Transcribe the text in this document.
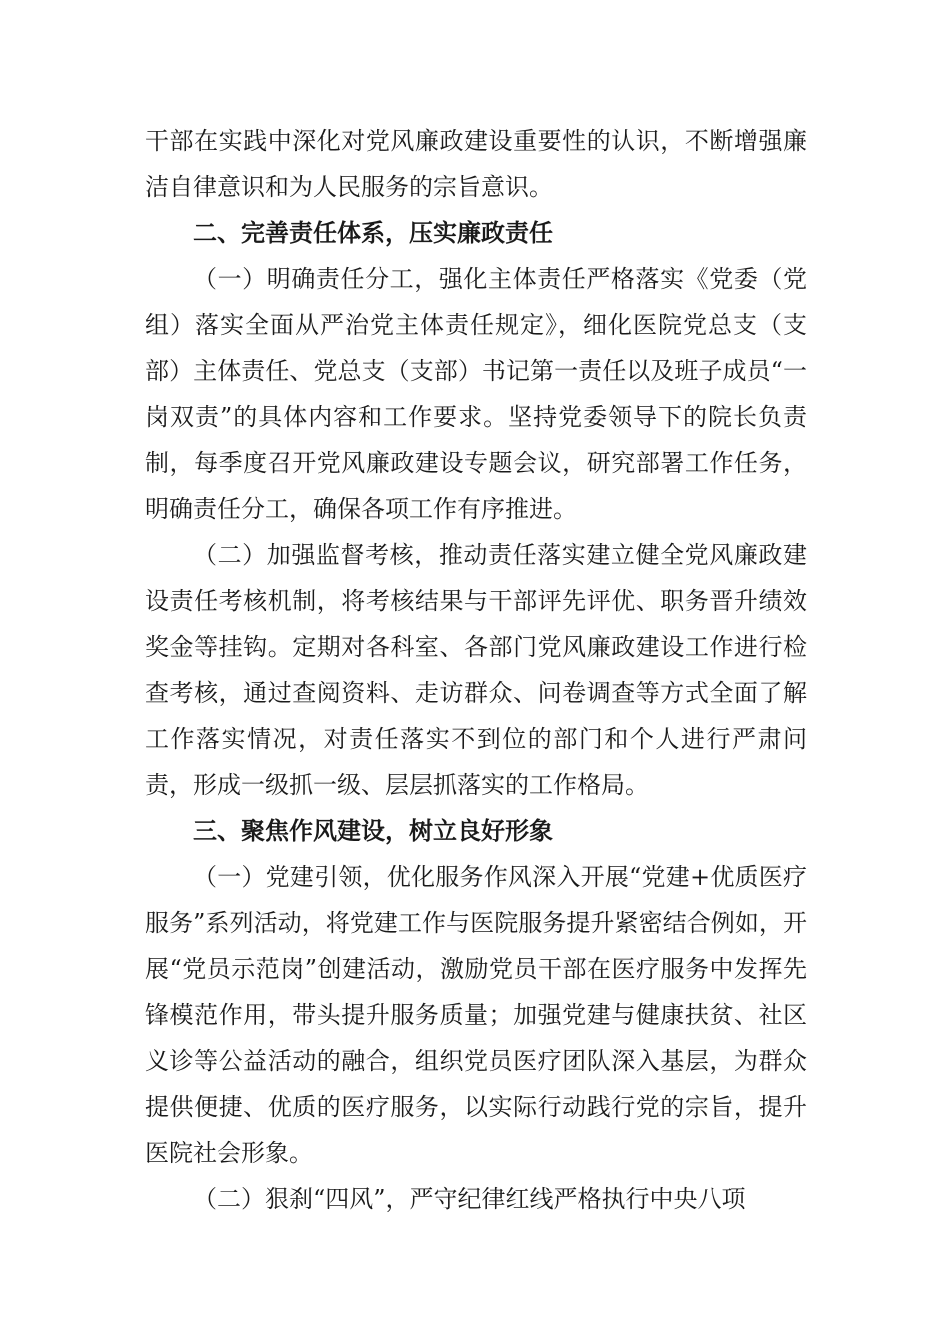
干部在实践中深化对党风廉政建设重要性的认识，不断增强廉洁自律意识和为人民服务的宗旨意识。

二、完善责任体系，压实廉政责任

（一）明确责任分工，强化主体责任严格落实《党委（党组）落实全面从严治党主体责任规定》，细化医院党总支（支部）主体责任、党总支（支部）书记第一责任以及班子成员“一岗双责”的具体内容和工作要求。坚持党委领导下的院长负责制，每季度召开党风廉政建设专题会议，研究部署工作任务，明确责任分工，确保各项工作有序推进。

（二）加强监督考核，推动责任落实建立健全党风廉政建设责任考核机制，将考核结果与干部评先评优、职务晋升绩效奖金等挂钩。定期对各科室、各部门党风廉政建设工作进行检查考核，通过查阅资料、走访群众、问卷调查等方式全面了解工作落实情况，对责任落实不到位的部门和个人进行严肃问责，形成一级抓一级、层层抓落实的工作格局。

三、聚焦作风建设，树立良好形象

（一）党建引领，优化服务作风深入开展“党建+优质医疗服务”系列活动，将党建工作与医院服务提升紧密结合例如，开展“党员示范岗”创建活动，激励党员干部在医疗服务中发挥先锋模范作用，带头提升服务质量；加强党建与健康扶贫、社区义诊等公益活动的融合，组织党员医疗团队深入基层，为群众提供便捷、优质的医疗服务，以实际行动践行党的宗旨，提升医院社会形象。

（二）狠刹“四风”，严守纪律红线严格执行中央八项
